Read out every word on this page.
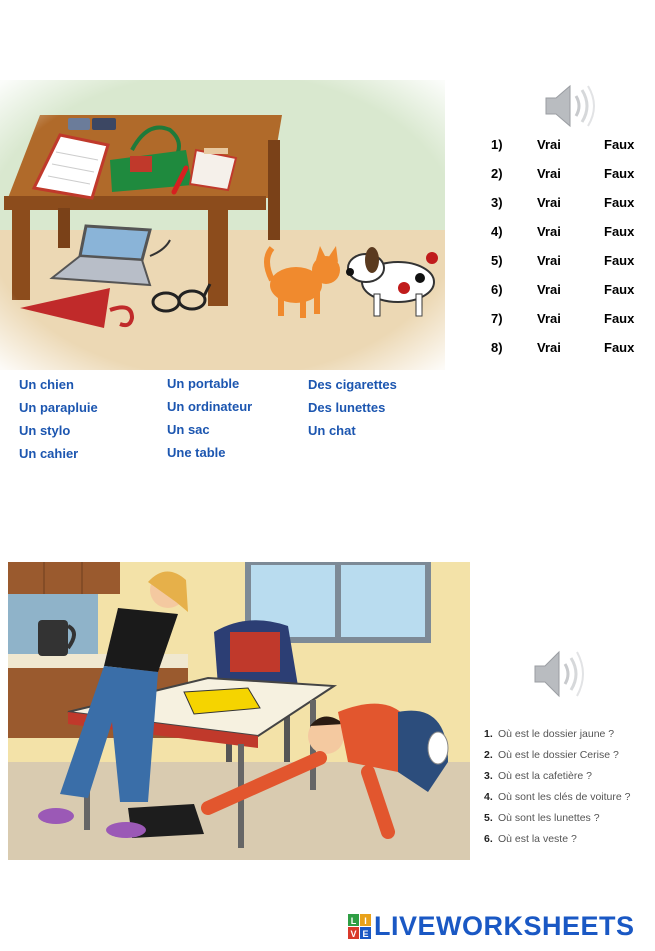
Un chien
Un parapluie
Un stylo
Un cahier
Un portable
Un ordinateur
Un sac
Une table
Des cigarettes
Des lunettes
Un chat
1)	Vrai	Faux
2)	Vrai	Faux
3)	Vrai	Faux
4)	Vrai	Faux
5)	Vrai	Faux
6)	Vrai	Faux
7)	Vrai	Faux
8)	Vrai	Faux
1. Où est le dossier jaune ?
2. Où est le dossier Cerise ?
3. Où est la cafetière ?
4. Où sont les clés de voiture ?
5. Où sont les lunettes ?
6. Où est la veste ?
L I
V E LIVEWORKSHEETS
